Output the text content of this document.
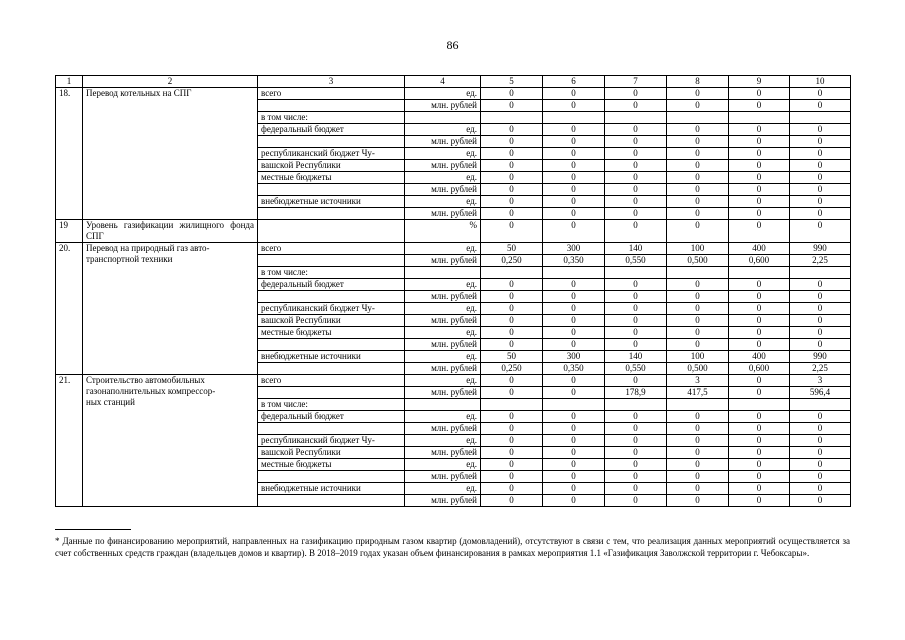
86
1	2	3	4	5	6	7	8	9	10

18.	Перевод котельных на СПГ	всего	ед.	0	0	0	0	0	0
			млн. рублей	0	0	0	0	0	0
		в том числе:							
		федеральный бюджет	ед.	0	0	0	0	0	0
			млн. рублей	0	0	0	0	0	0
		республиканский бюджет Чу-	ед.	0	0	0	0	0	0
		вашской Республики	млн. рублей	0	0	0	0	0	0
		местные бюджеты	ед.	0	0	0	0	0	0
			млн. рублей	0	0	0	0	0	0
		внебюджетные источники	ед.	0	0	0	0	0	0
			млн. рублей	0	0	0	0	0	0

19	Уровень газификации жилищного фонда СПГ		%	0	0	0	0	0	0

20.	Перевод на природный газ авто-
транспортной техники	всего	ед.	50	300	140	100	400	990
			млн. рублей	0,250	0,350	0,550	0,500	0,600	2,25
		в том числе:							
		федеральный бюджет	ед.	0	0	0	0	0	0
			млн. рублей	0	0	0	0	0	0
		республиканский бюджет Чу-	ед.	0	0	0	0	0	0
		вашской Республики	млн. рублей	0	0	0	0	0	0
		местные бюджеты	ед.	0	0	0	0	0	0
			млн. рублей	0	0	0	0	0	0
		внебюджетные источники	ед.	50	300	140	100	400	990
			млн. рублей	0,250	0,350	0,550	0,500	0,600	2,25

21.	Строительство автомобильных
газонаполнительных компрессор-
ных станций	всего	ед.	0	0	0	3	0	3
			млн. рублей	0	0	178,9	417,5	0	596,4
		в том числе:							
		федеральный бюджет	ед.	0	0	0	0	0	0
			млн. рублей	0	0	0	0	0	0
		республиканский бюджет Чу-	ед.	0	0	0	0	0	0
		вашской Республики	млн. рублей	0	0	0	0	0	0
		местные бюджеты	ед.	0	0	0	0	0	0
			млн. рублей	0	0	0	0	0	0
		внебюджетные источники	ед.	0	0	0	0	0	0
			млн. рублей	0	0	0	0	0	0
* Данные по финансированию мероприятий, направленных на газификацию природным газом квартир (домовладений), отсутствуют в связи с тем, что реализация данных мероприятий осуществляется за счет собственных средств граждан (владельцев домов и квартир). В 2018–2019 годах указан объем финансирования в рамках мероприятия 1.1 «Газификация Заволжской территории г. Чебоксары».
